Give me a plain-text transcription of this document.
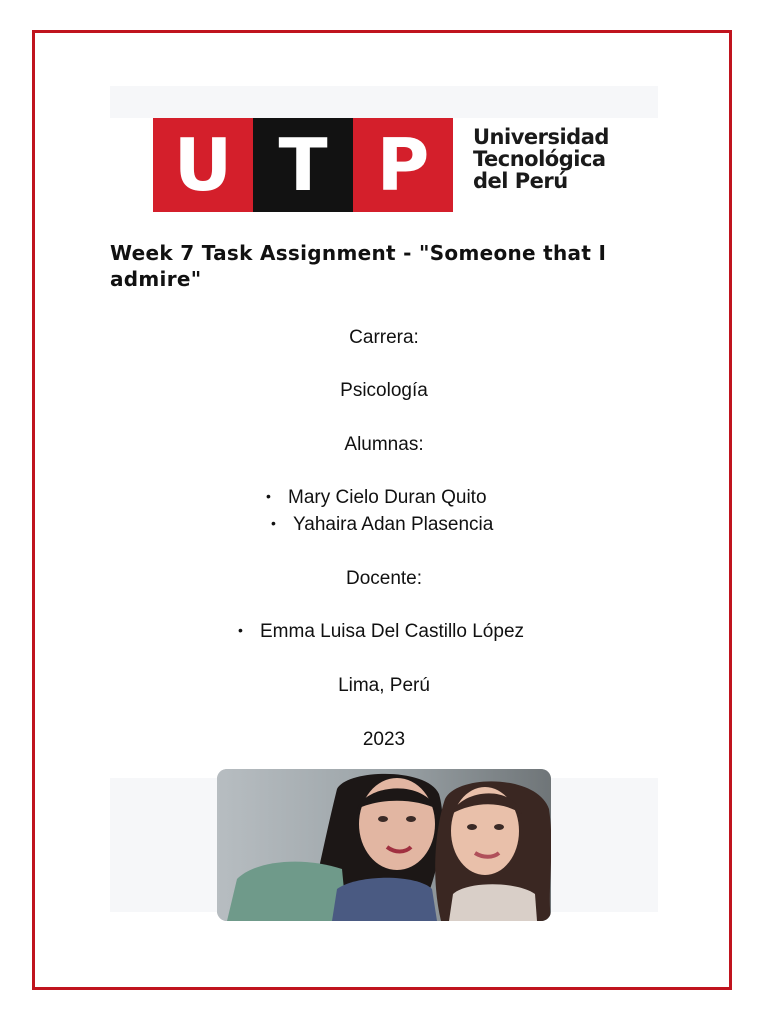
U T P	Universidad
Tecnológica
del Perú
Week 7 Task Assignment - "Someone that I admire"
Carrera:
Psicología
Alumnas:
• Mary Cielo Duran Quito
• Yahaira Adan Plasencia
Docente:
• Emma Luisa Del Castillo López
Lima, Perú
2023
